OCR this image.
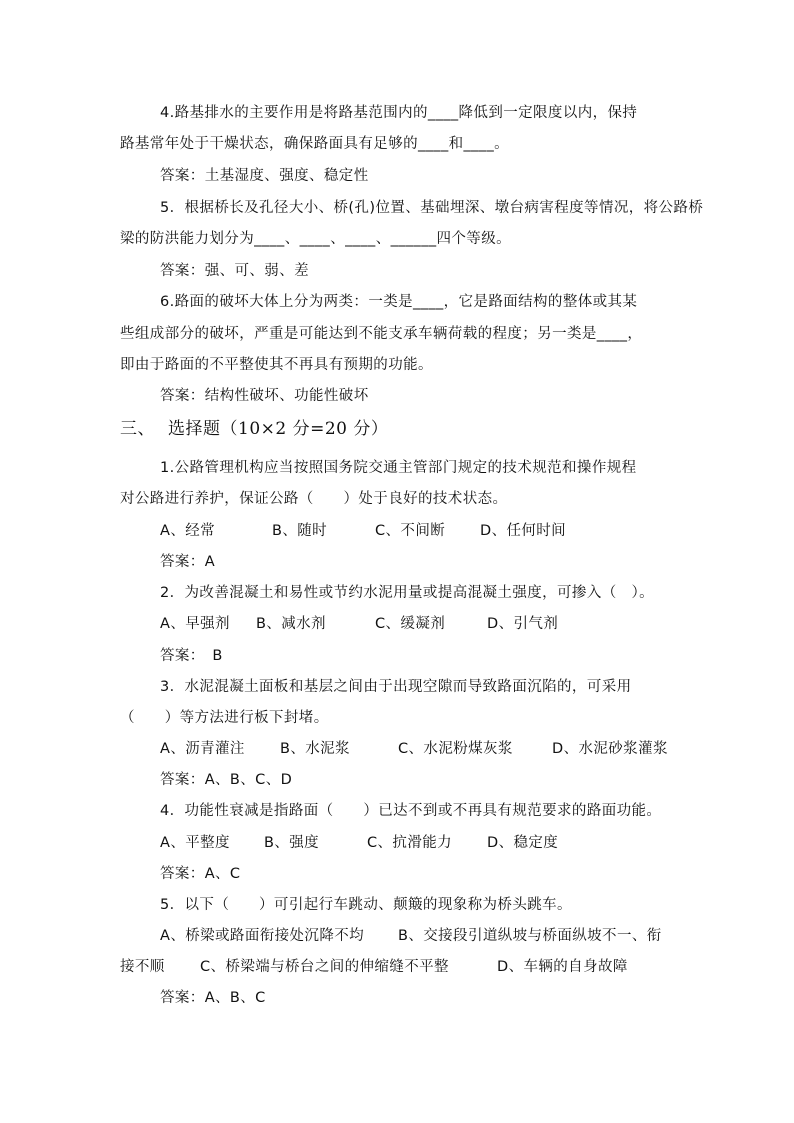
4.路基排水的主要作用是将路基范围内的____降低到一定限度以内，保持
路基常年处于干燥状态，确保路面具有足够的____和____。
答案：土基湿度、强度、稳定性
5．根据桥长及孔径大小、桥(孔)位置、基础埋深、墩台病害程度等情况，将公路桥
梁的防洪能力划分为____、____、____、______四个等级。
答案：强、可、弱、差
6.路面的破坏大体上分为两类：一类是____，它是路面结构的整体或其某
些组成部分的破坏，严重是可能达到不能支承车辆荷载的程度；另一类是____，
即由于路面的不平整使其不再具有预期的功能。
答案：结构性破坏、功能性破坏
三、 选择题（10×2 分=20 分）
1.公路管理机构应当按照国务院交通主管部门规定的技术规范和操作规程
对公路进行养护，保证公路（　　）处于良好的技术状态。
A、经常	B、随时	C、不间断 D、任何时间
答案：A
2．为改善混凝土和易性或节约水泥用量或提高混凝土强度，可掺入（　）。
A、早强剂 B、减水剂	C、缓凝剂	D、引气剂
答案：　B
3．水泥混凝土面板和基层之间由于出现空隙而导致路面沉陷的，可采用
（　　）等方法进行板下封堵。
A、沥青灌注 B、水泥浆	C、水泥粉煤灰浆	D、水泥砂浆灌浆
答案：A、B、C、D
4．功能性衰减是指路面（　　）已达不到或不再具有规范要求的路面功能。
A、平整度 B、强度	C、抗滑能力 D、稳定度
答案：A、C
5．以下（　　）可引起行车跳动、颠簸的现象称为桥头跳车。
A、桥梁或路面衔接处沉降不均 B、交接段引道纵坡与桥面纵坡不一、衔
接不顺 C、桥梁端与桥台之间的伸缩缝不平整	D、车辆的自身故障
答案：A、B、C
